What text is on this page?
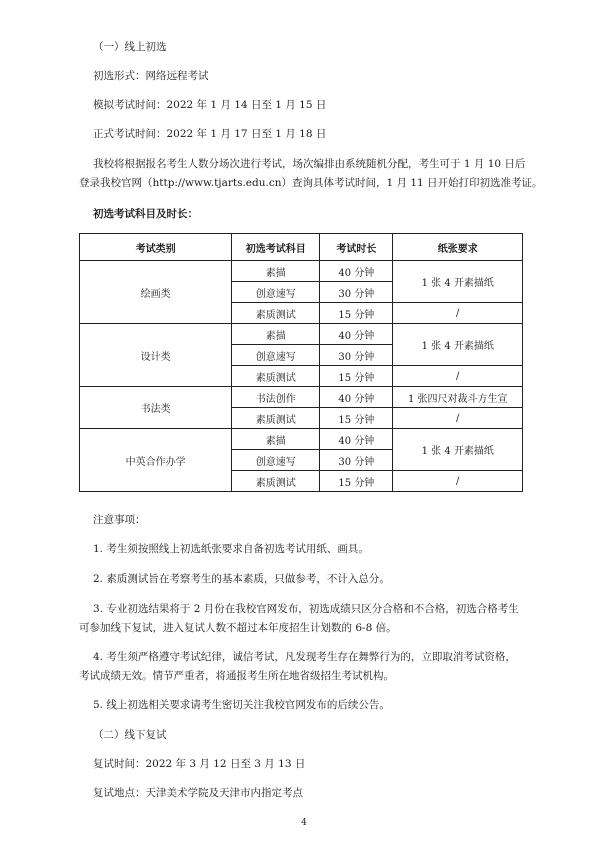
（一）线上初选
初选形式：网络远程考试
模拟考试时间：2022 年 1 月 14 日至 1 月 15 日
正式考试时间：2022 年 1 月 17 日至 1 月 18 日
我校将根据报名考生人数分场次进行考试，场次编排由系统随机分配，考生可于 1 月 10 日后
登录我校官网（http://www.tjarts.edu.cn）查询具体考试时间，1 月 11 日开始打印初选准考证。
初选考试科目及时长：
考试类别	初选考试科目	考试时长	纸张要求
绘画类	素描	40 分钟	1 张 4 开素描纸
	创意速写	30 分钟	
	素质测试	15 分钟	/
设计类	素描	40 分钟	1 张 4 开素描纸
	创意速写	30 分钟	
	素质测试	15 分钟	/
书法类	书法创作	40 分钟	1 张四尺对裁斗方生宣
	素质测试	15 分钟	/
中英合作办学	素描	40 分钟	1 张 4 开素描纸
	创意速写	30 分钟	
	素质测试	15 分钟	/
注意事项：
1. 考生须按照线上初选纸张要求自备初选考试用纸、画具。
2. 素质测试旨在考察考生的基本素质，只做参考，不计入总分。
3. 专业初选结果将于 2 月份在我校官网发布，初选成绩只区分合格和不合格，初选合格考生
可参加线下复试，进入复试人数不超过本年度招生计划数的 6-8 倍。
4. 考生须严格遵守考试纪律，诚信考试，凡发现考生存在舞弊行为的，立即取消考试资格，
考试成绩无效。情节严重者，将通报考生所在地省级招生考试机构。
5. 线上初选相关要求请考生密切关注我校官网发布的后续公告。
（二）线下复试
复试时间：2022 年 3 月 12 日至 3 月 13 日
复试地点：天津美术学院及天津市内指定考点
4
